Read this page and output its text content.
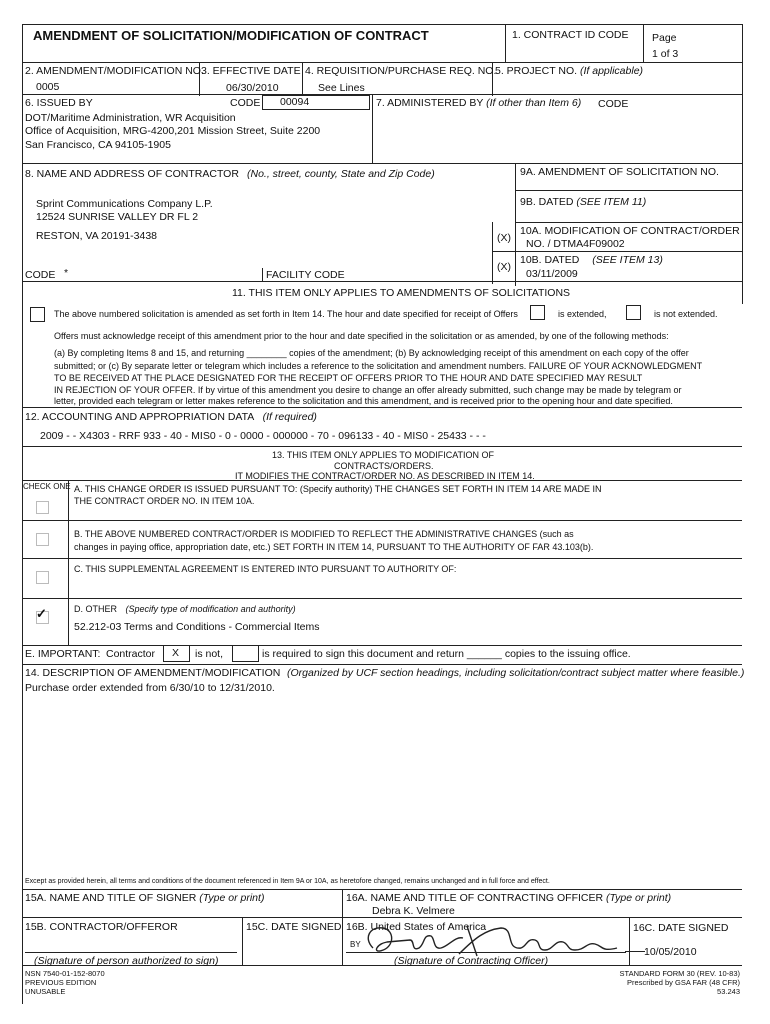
AMENDMENT OF SOLICITATION/MODIFICATION OF CONTRACT	1. CONTRACT ID CODE Page
1 of 3
2. AMENDMENT/MODIFICATION NO.
0005
3. EFFECTIVE DATE
06/30/2010
4. REQUISITION/PURCHASE REQ. NO.
See Lines
5. PROJECT NO. (If applicable)
6. ISSUED BY	CODE 00094
DOT/Maritime Administration, WR Acquisition
Office of Acquisition, MRG-4200,201 Mission Street, Suite 2200
San Francisco, CA 94105-1905
7. ADMINISTERED BY (If other than Item 6) CODE
8. NAME AND ADDRESS OF CONTRACTOR (No., street, county, State and Zip Code)
Sprint Communications Company L.P.
12524 SUNRISE VALLEY DR FL 2
RESTON, VA 20191-3438
CODE *	FACILITY CODE
9A. AMENDMENT OF SOLICITATION NO.
9B. DATED (SEE ITEM 11)
(X)
10A. MODIFICATION OF CONTRACT/ORDER
NO. / DTMA4F09002
(X)
10B. DATED (SEE ITEM 13)
03/11/2009
11. THIS ITEM ONLY APPLIES TO AMENDMENTS OF SOLICITATIONS
The above numbered solicitation is amended as set forth in Item 14. The hour and date specified for receipt of Offers	is extended,	is not extended.
Offers must acknowledge receipt of this amendment prior to the hour and date specified in the solicitation or as amended, by one of the following methods:
(a) By completing Items 8 and 15, and returning ________ copies of the amendment; (b) By acknowledging receipt of this amendment on each copy of the offer
submitted; or (c) By separate letter or telegram which includes a reference to the solicitation and amendment numbers. FAILURE OF YOUR ACKNOWLEDGMENT
TO BE RECEIVED AT THE PLACE DESIGNATED FOR THE RECEIPT OF OFFERS PRIOR TO THE HOUR AND DATE SPECIFIED MAY RESULT
IN REJECTION OF YOUR OFFER. If by virtue of this amendment you desire to change an offer already submitted, such change may be made by telegram or
letter, provided each telegram or letter makes reference to the solicitation and this amendment, and is received prior to the opening hour and date specified.
12. ACCOUNTING AND APPROPRIATION DATA (If required)
2009 - - X4303 - RRF 933 - 40 - MIS0 - 0 - 0000 - 000000 - 70 - 096133 - 40 - MIS0 - 25433 - - -
13. THIS ITEM ONLY APPLIES TO MODIFICATION OF
CONTRACTS/ORDERS.
IT MODIFIES THE CONTRACT/ORDER NO. AS DESCRIBED IN ITEM 14.
CHECK ONE A. THIS CHANGE ORDER IS ISSUED PURSUANT TO: (Specify authority) THE CHANGES SET FORTH IN ITEM 14 ARE MADE IN
THE CONTRACT ORDER NO. IN ITEM 10A.
B. THE ABOVE NUMBERED CONTRACT/ORDER IS MODIFIED TO REFLECT THE ADMINISTRATIVE CHANGES (such as
changes in paying office, appropriation date, etc.) SET FORTH IN ITEM 14, PURSUANT TO THE AUTHORITY OF FAR 43.103(b).
C. THIS SUPPLEMENTAL AGREEMENT IS ENTERED INTO PURSUANT TO AUTHORITY OF:
✓	D. OTHER (Specify type of modification and authority)
52.212-03 Terms and Conditions - Commercial Items
E. IMPORTANT: Contractor X is not,	is required to sign this document and return ______ copies to the issuing office.
14. DESCRIPTION OF AMENDMENT/MODIFICATION (Organized by UCF section headings, including solicitation/contract subject matter where feasible.)
Purchase order extended from 6/30/10 to 12/31/2010.
Except as provided herein, all terms and conditions of the document referenced in Item 9A or 10A, as heretofore changed, remains unchanged and in full force and effect.
15A. NAME AND TITLE OF SIGNER (Type or print)	16A. NAME AND TITLE OF CONTRACTING OFFICER (Type or print)
Debra K. Velmere
15B. CONTRACTOR/OFFEROR	15C. DATE SIGNED 16B. United States of America	16C. DATE SIGNED
10/05/2010
BY
(Signature of person authorized to sign)	(Signature of Contracting Officer)
NSN 7540-01-152-8070
PREVIOUS EDITION
UNUSABLE
STANDARD FORM 30 (REV. 10-83)
Prescribed by GSA FAR (48 CFR)
53.243
